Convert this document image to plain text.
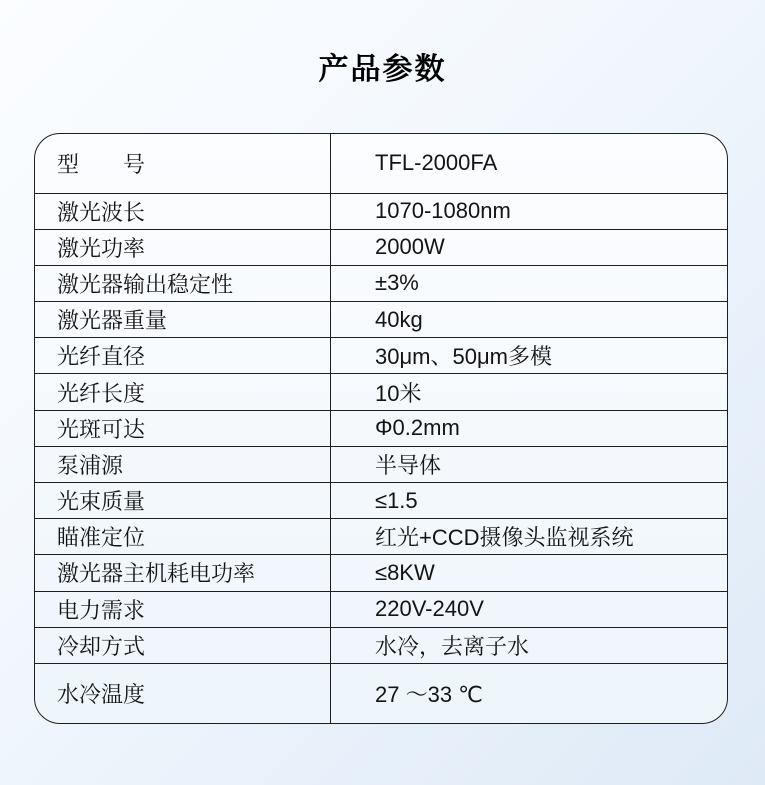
产品参数
型　　号	TFL-2000FA
激光波长	1070-1080nm
激光功率	2000W
激光器输出稳定性	±3%
激光器重量	40kg
光纤直径	30μm、50μm多模
光纤长度	10米
光斑可达	Φ0.2mm
泵浦源	半导体
光束质量	≤1.5
瞄准定位	红光+CCD摄像头监视系统
激光器主机耗电功率	≤8KW
电力需求	220V-240V
冷却方式	水冷，去离子水
水冷温度	27 ～33 ℃
